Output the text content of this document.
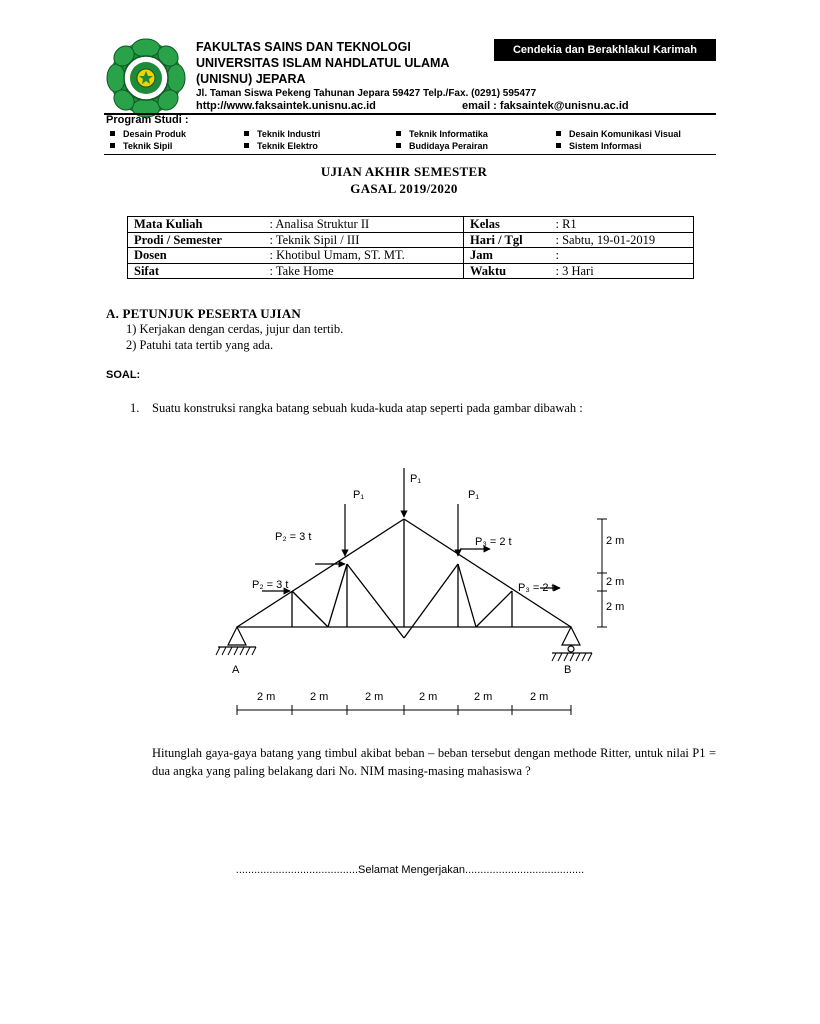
FAKULTAS SAINS DAN TEKNOLOGI
UNIVERSITAS ISLAM NAHDLATUL ULAMA
(UNISNU) JEPARA
Jl. Taman Siswa Pekeng Tahunan Jepara 59427 Telp./Fax. (0291) 595477
http://www.faksaintek.unisnu.ac.id	email : faksaintek@unisnu.ac.id
Cendekia dan Berakhlakul Karimah
Program Studi :
Desain Produk	Teknik Industri	Teknik Informatika	Desain Komunikasi Visual
Teknik Sipil	Teknik Elektro	Budidaya Perairan	Sistem Informasi
UJIAN AKHIR SEMESTER
GASAL 2019/2020
Mata Kuliah	: Analisa Struktur II	Kelas	: R1
Prodi / Semester	: Teknik Sipil / III	Hari / Tgl	: Sabtu, 19-01-2019
Dosen	: Khotibul Umam, ST. MT.	Jam	:
Sifat	: Take Home	Waktu	: 3 Hari
A. PETUNJUK PESERTA UJIAN
1) Kerjakan dengan cerdas, jujur dan tertib.
2) Patuhi tata tertib yang ada.
SOAL:
1. Suatu konstruksi rangka batang sebuah kuda-kuda atap seperti pada gambar dibawah :
P₁
P₁	P₁
P₂ = 3 t
P₂ = 3 t
P₃ = 2 t
P₃ = 2 t
A	B
2 m
2 m
2 m
2 m	2 m	2 m	2 m	2 m	2 m
Hitunglah gaya-gaya batang yang timbul akibat beban – beban tersebut dengan methode Ritter, untuk nilai P1 = dua angka yang paling belakang dari No. NIM masing-masing mahasiswa ?
........................................Selamat Mengerjakan.......................................
